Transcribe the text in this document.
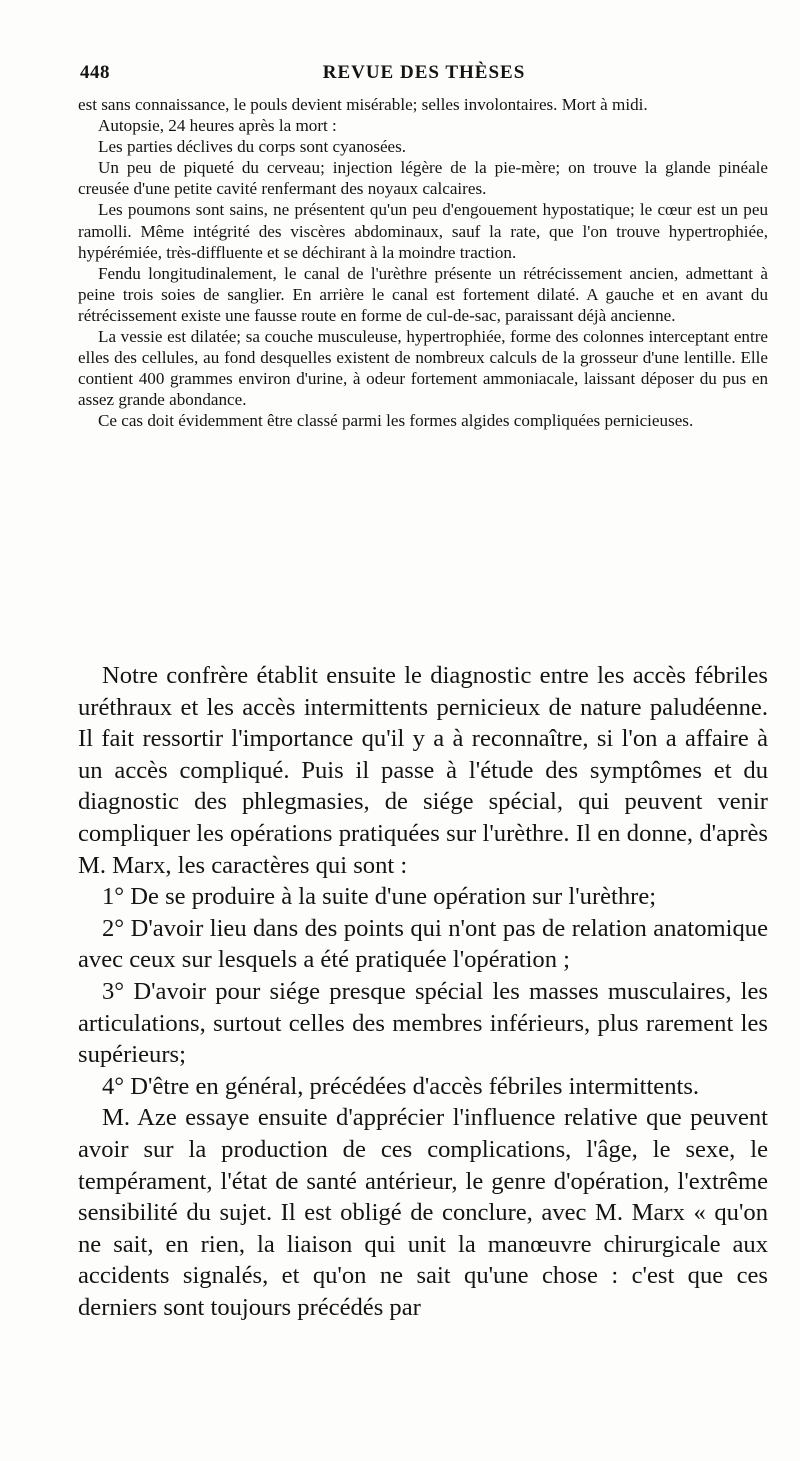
448	REVUE DES THÈSES

est sans connaissance, le pouls devient misérable; selles involontaires. Mort à midi.

Autopsie, 24 heures après la mort :

Les parties déclives du corps sont cyanosées.

Un peu de piqueté du cerveau; injection légère de la pie-mère; on trouve la glande pinéale creusée d'une petite cavité renfermant des noyaux calcaires.

Les poumons sont sains, ne présentent qu'un peu d'engouement hypostatique; le cœur est un peu ramolli. Même intégrité des viscères abdominaux, sauf la rate, que l'on trouve hypertrophiée, hypérémiée, très-diffluente et se déchirant à la moindre traction.

Fendu longitudinalement, le canal de l'urèthre présente un rétrécissement ancien, admettant à peine trois soies de sanglier. En arrière le canal est fortement dilaté. A gauche et en avant du rétrécissement existe une fausse route en forme de cul-de-sac, paraissant déjà ancienne.

La vessie est dilatée; sa couche musculeuse, hypertrophiée, forme des colonnes interceptant entre elles des cellules, au fond desquelles existent de nombreux calculs de la grosseur d'une lentille. Elle contient 400 grammes environ d'urine, à odeur fortement ammoniacale, laissant déposer du pus en assez grande abondance.

Ce cas doit évidemment être classé parmi les formes algides compliquées pernicieuses.

Notre confrère établit ensuite le diagnostic entre les accès fébriles uréthraux et les accès intermittents pernicieux de nature paludéenne. Il fait ressortir l'importance qu'il y a à reconnaître, si l'on a affaire à un accès compliqué. Puis il passe à l'étude des symptômes et du diagnostic des phlegmasies, de siége spécial, qui peuvent venir compliquer les opérations pratiquées sur l'urèthre. Il en donne, d'après M. Marx, les caractères qui sont :

1° De se produire à la suite d'une opération sur l'urèthre;

2° D'avoir lieu dans des points qui n'ont pas de relation anatomique avec ceux sur lesquels a été pratiquée l'opération ;

3° D'avoir pour siége presque spécial les masses musculaires, les articulations, surtout celles des membres inférieurs, plus rarement les supérieurs;

4° D'être en général, précédées d'accès fébriles intermittents.

M. Aze essaye ensuite d'apprécier l'influence relative que peuvent avoir sur la production de ces complications, l'âge, le sexe, le tempérament, l'état de santé antérieur, le genre d'opération, l'extrême sensibilité du sujet. Il est obligé de conclure, avec M. Marx « qu'on ne sait, en rien, la liaison qui unit la manœuvre chirurgicale aux accidents signalés, et qu'on ne sait qu'une chose : c'est que ces derniers sont toujours précédés par
